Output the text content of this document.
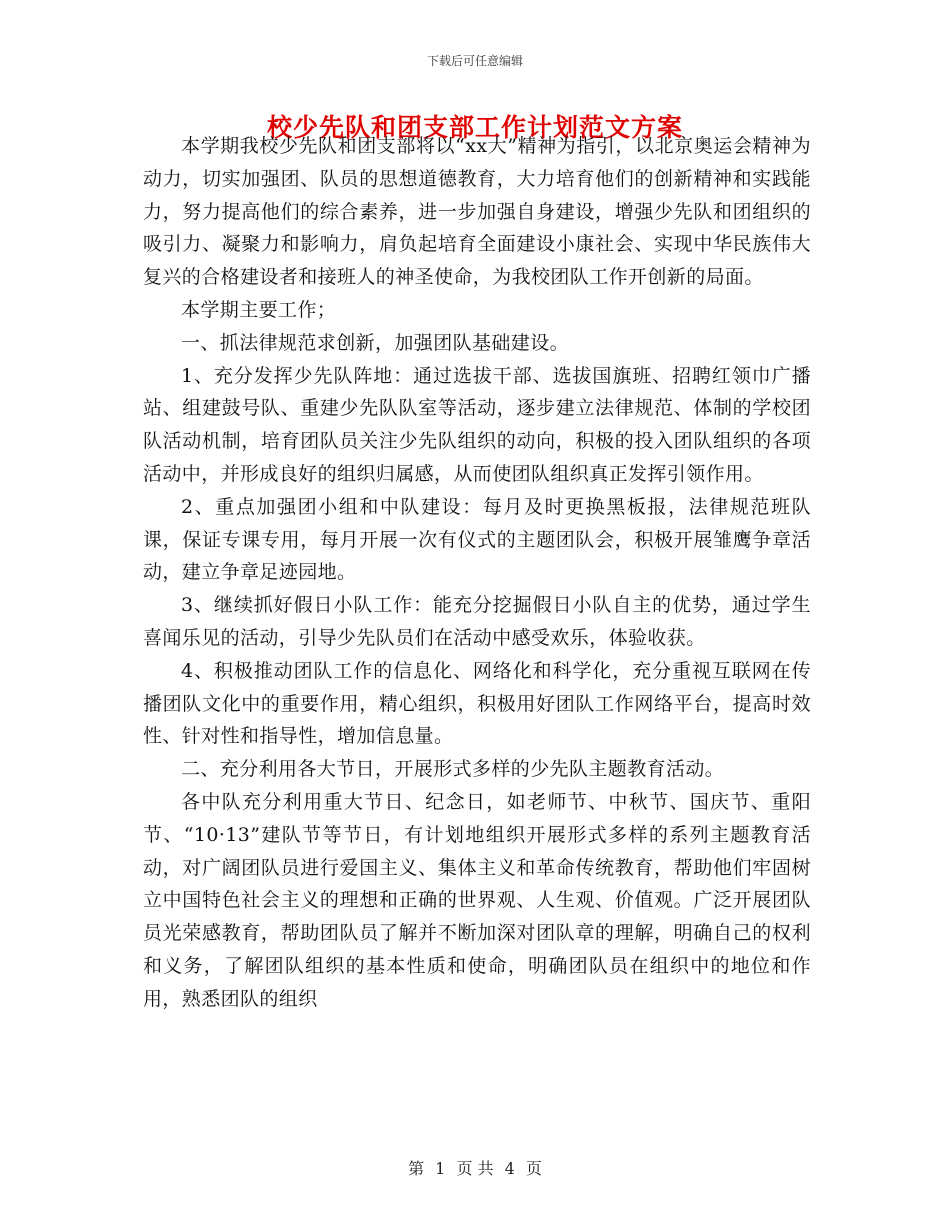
下载后可任意编辑
校少先队和团支部工作计划范文方案

本学期我校少先队和团支部将以“xx大”精神为指引，以北京奥运会精神为动力，切实加强团、队员的思想道德教育，大力培育他们的创新精神和实践能力，努力提高他们的综合素养，进一步加强自身建设，增强少先队和团组织的吸引力、凝聚力和影响力，肩负起培育全面建设小康社会、实现中华民族伟大复兴的合格建设者和接班人的神圣使命，为我校团队工作开创新的局面。

本学期主要工作；

一、抓法律规范求创新，加强团队基础建设。

1、充分发挥少先队阵地：通过选拔干部、选拔国旗班、招聘红领巾广播站、组建鼓号队、重建少先队队室等活动，逐步建立法律规范、体制的学校团队活动机制，培育团队员关注少先队组织的动向，积极的投入团队组织的各项活动中，并形成良好的组织归属感，从而使团队组织真正发挥引领作用。

2、重点加强团小组和中队建设：每月及时更换黑板报，法律规范班队课，保证专课专用，每月开展一次有仪式的主题团队会，积极开展雏鹰争章活动，建立争章足迹园地。

3、继续抓好假日小队工作：能充分挖掘假日小队自主的优势，通过学生喜闻乐见的活动，引导少先队员们在活动中感受欢乐，体验收获。

4、积极推动团队工作的信息化、网络化和科学化，充分重视互联网在传播团队文化中的重要作用，精心组织，积极用好团队工作网络平台，提高时效性、针对性和指导性，增加信息量。

二、充分利用各大节日，开展形式多样的少先队主题教育活动。

各中队充分利用重大节日、纪念日，如老师节、中秋节、国庆节、重阳节、“10·13”建队节等节日，有计划地组织开展形式多样的系列主题教育活动，对广阔团队员进行爱国主义、集体主义和革命传统教育，帮助他们牢固树立中国特色社会主义的理想和正确的世界观、人生观、价值观。广泛开展团队员光荣感教育，帮助团队员了解并不断加深对团队章的理解，明确自己的权利和义务，了解团队组织的基本性质和使命，明确团队员在组织中的地位和作用，熟悉团队的组织

第 1 页 共 4 页
